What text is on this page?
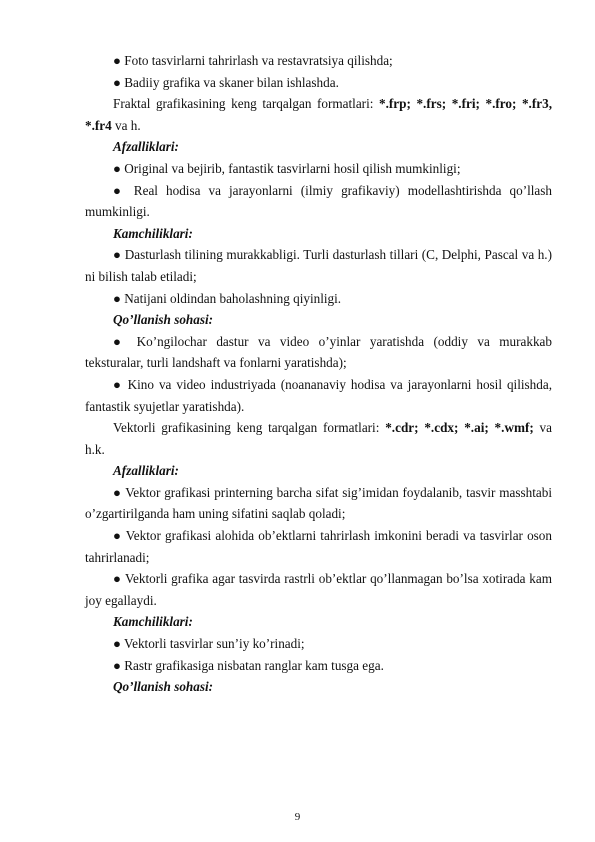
● Foto tasvirlarni tahrirlash va restavratsiya qilishda;

● Badiiy grafika va skaner bilan ishlashda.

Fraktal grafikasining keng tarqalgan formatlari: *.frp; *.frs; *.fri; *.fro; *.fr3, *.fr4 va h.

Afzalliklari:

● Original va bejirib, fantastik tasvirlarni hosil qilish mumkinligi;

● Real hodisa va jarayonlarni (ilmiy grafikaviy) modellashtirishda qo’llash mumkinligi.

Kamchiliklari:

● Dasturlash tilining murakkabligi. Turli dasturlash tillari (C, Delphi, Pascal va h.) ni bilish talab etiladi;

● Natijani oldindan baholashning qiyinligi.

Qo’llanish sohasi:

● Ko’ngilochar dastur va video o’yinlar yaratishda (oddiy va murakkab teksturalar, turli landshaft va fonlarni yaratishda);

● Kino va video industriyada (noananaviy hodisa va jarayonlarni hosil qilishda, fantastik syujetlar yaratishda).

Vektorli grafikasining keng tarqalgan formatlari: *.cdr; *.cdx; *.ai; *.wmf; va h.k.

Afzalliklari:

● Vektor grafikasi printerning barcha sifat sig’imidan foydalanib, tasvir masshtabi o’zgartirilganda ham uning sifatini saqlab qoladi;

● Vektor grafikasi alohida ob’ektlarni tahrirlash imkonini beradi va tasvirlar oson tahrirlanadi;

● Vektorli grafika agar tasvirda rastrli ob’ektlar qo’llanmagan bo’lsa xotirada kam joy egallaydi.

Kamchiliklari:

● Vektorli tasvirlar sun’iy ko’rinadi;

● Rastr grafikasiga nisbatan ranglar kam tusga ega.

Qo’llanish sohasi:

9
